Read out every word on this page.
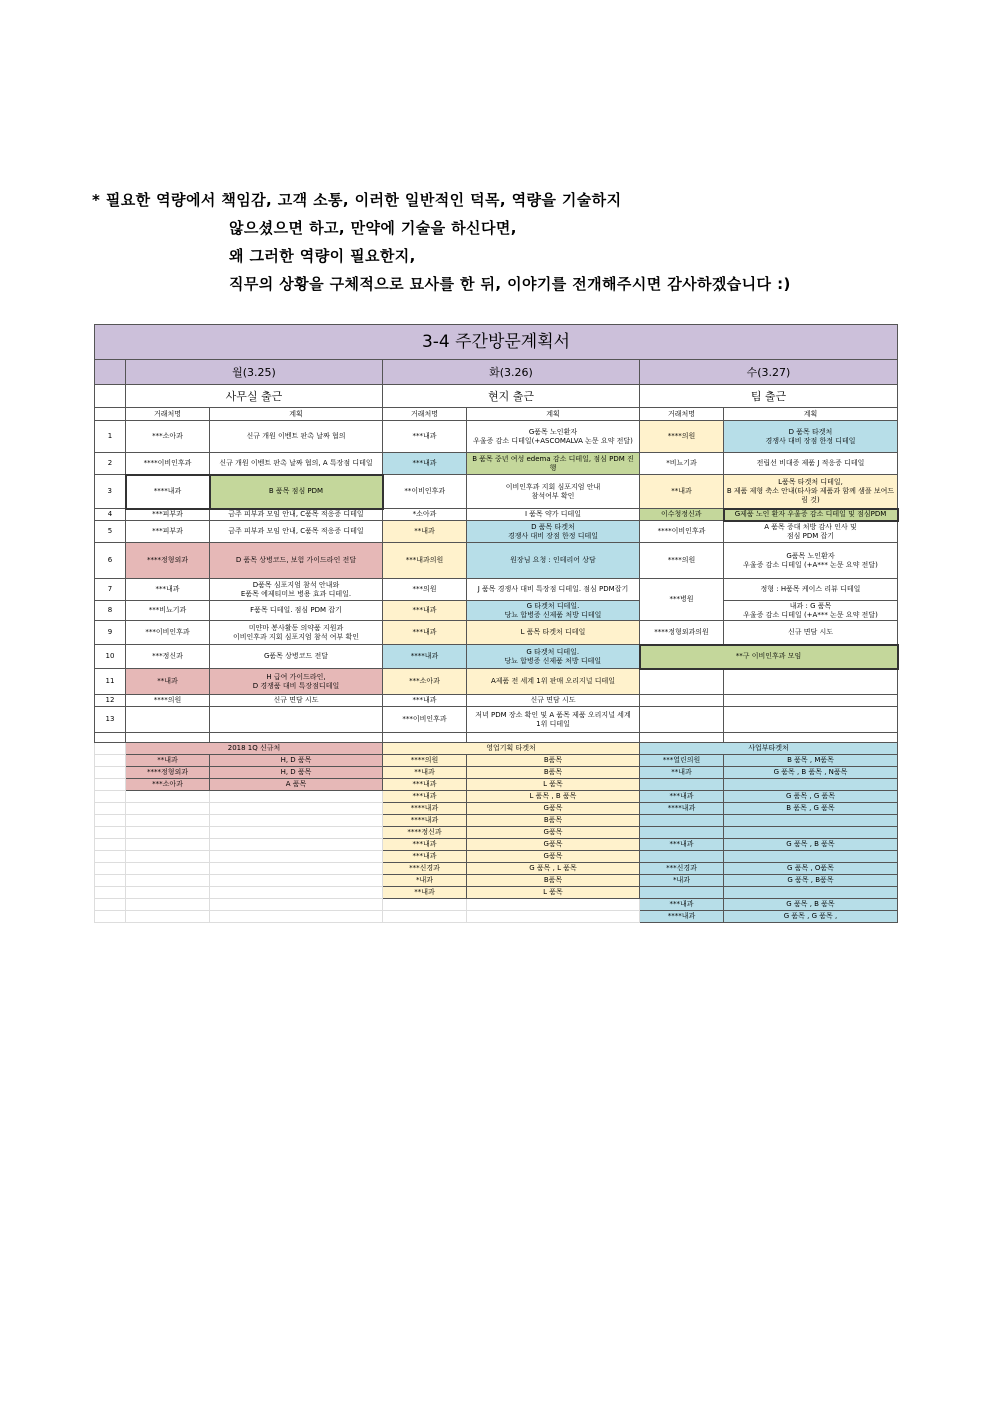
* 필요한 역량에서 책임감, 고객 소통, 이러한 일반적인 덕목, 역량을 기술하지
않으셨으면 하고, 만약에 기술을 하신다면,
왜 그러한 역량이 필요한지,
직무의 상황을 구체적으로 묘사를 한 뒤, 이야기를 전개해주시면 감사하겠습니다 :)
3-4 주간방문계획서						
	월(3.25)		화(3.26)		수(3.27)	
	사무실 출근		현지 출근		팀 출근	
	거래처명	계획	거래처명	계획	거래처명	계획
1	***소아과	신규 개원 이벤트 판촉 날짜 협의	***내과	G품목 노인환자
우울증 감소 디테일(+ASCOMALVA 논문 요약 전달)	****의원	D 품목 타겟처
경쟁사 대비 장점 한정 디테일
2	****이비인후과	신규 개원 이벤트 판촉 날짜 협의, A 특장점 디테일	***내과	B 품목 중년 여성 edema 감소 디테일, 점심 PDM 진행	*비뇨기과	전립선 비대증 제품 J 적응증 디테일
3	****내과	B 품목 점심 PDM	**이비인후과	이비인후과 지회 심포지엄 안내
참석여부 확인	**내과	L품목 타겟처 디테일,
B 제품 제형 축소 안내(타사와 제품과 함께 샘플 보여드림 것)
4	***피부과	금주 피부과 모임 안내, C품목 적응증 디테일	*소아과	I 품목 약가 디테일	이수청정신과	G제품 노인 환자 우울증 감소 디테일 및 점심PDM
5	***피부과	금주 피부과 모임 안내, C품목 적응증 디테일	**내과	D 품목 타겟처
경쟁사 대비 장점 한정 디테일	****이비인후과	A 품목 증대 처방 감사 인사 및
점심 PDM 잡기
6	****정형외과	D 품목 상병코드, 보험 가이드라인 전달	***내과의원	원장님 요청 : 인테리어 상담	****의원	G품목 노인환자
우울증 감소 디테일 (+A*** 논문 요약 전달)
7	***내과	D품목 심포지엄 참석 안내와
E품목 에제티미브 병용 효과 디테일.	***의원	J 품목 경쟁사 대비 특장점 디테일. 점심 PDM잡기	***병원	정형 : H품목 케이스 리뷰 디테일
8	***비뇨기과	F품목 디테일. 점심 PDM 잡기	***내과	G 타겟처 디테일.
당뇨 합병증 신제품 처방 디테일		내과 : G 품목
우울증 감소 디테일 (+A*** 논문 요약 전달)
9	***이비인후과	미얀마 봉사활동 의약품 지원과
이비인후과 지회 심포지엄 참석 여부 확인	***내과	L 품목 타겟처 디테일	****정형외과의원	신규 면담 시도
10	***정신과	G품목 상병코드 전달	****내과	G 타겟처 디테일.
당뇨 합병증 신제품 처방 디테일	**구 이비인후과 모임	
11	**내과	H 급여 가이드라인,
D 경쟁품 대비 특장점디테일	***소아과	A제품 전 세계 1위 판매 오리지널 디테일		
12	****의원	신규 면담 시도	***내과	신규 면담 시도		
13			***이비인후과	저녁 PDM 장소 확인 및 A 품목 제품 오리지널 세계
1위 디테일		

	2018 1Q 신규처		영업기획 타겟처		사업부타겟처	
	**내과	H, D 품목	****의원	B품목	***열린의원	B 품목 , M품목
	****정형외과	H, D 품목	**내과	B품목	**내과	G 품목 , B 품목 , N품목
	***소아과	A 품목	***내과	L 품목		
			***내과	L 품목 , B 품목	***내과	G 품목 , G 품목
			****내과	G품목	****내과	B 품목 , G 품목
			****내과	B품목		
			****정신과	G품목		
			***내과	G품목	***내과	G 품목 , B 품목
			***내과	G품목		
			***신경과	G 품목 , L 품목	***신경과	G 품목 , O품목
			*내과	B품목	*내과	G 품목 , B품목
			**내과	L 품목		
					***내과	G 품목 , B 품목
					****내과	G 품목 , G 품목 ,
